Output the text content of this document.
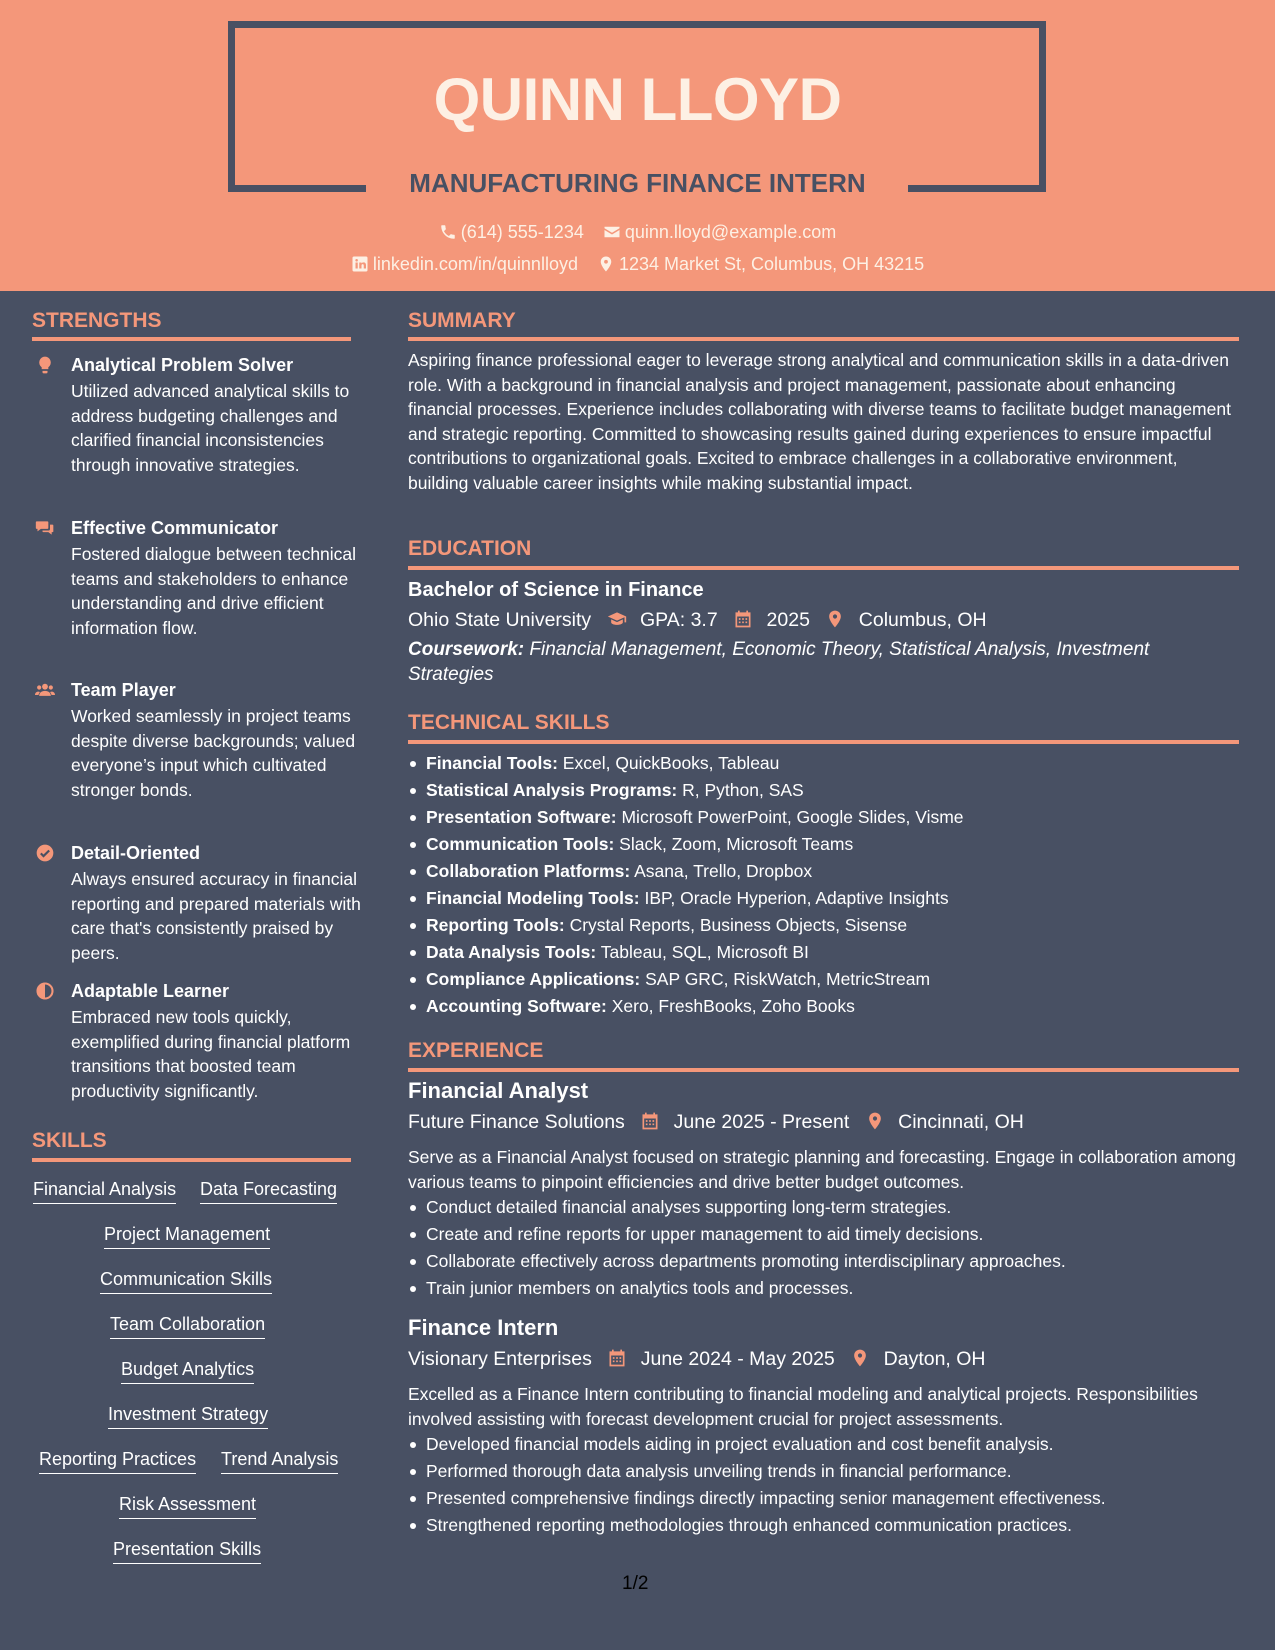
QUINN LLOYD
MANUFACTURING FINANCE INTERN
(614) 555-1234 quinn.lloyd@example.com
linkedin.com/in/quinnlloyd 1234 Market St, Columbus, OH 43215
STRENGTHS
Analytical Problem Solver
Utilized advanced analytical skills to address budgeting challenges and clarified financial inconsistencies through innovative strategies.
Effective Communicator
Fostered dialogue between technical teams and stakeholders to enhance understanding and drive efficient information flow.
Team Player
Worked seamlessly in project teams despite diverse backgrounds; valued everyone’s input which cultivated stronger bonds.
Detail-Oriented
Always ensured accuracy in financial reporting and prepared materials with care that's consistently praised by peers.
Adaptable Learner
Embraced new tools quickly, exemplified during financial platform transitions that boosted team productivity significantly.
SKILLS
Financial Analysis Data Forecasting
Project Management
Communication Skills
Team Collaboration
Budget Analytics
Investment Strategy
Reporting Practices Trend Analysis
Risk Assessment
Presentation Skills
SUMMARY
Aspiring finance professional eager to leverage strong analytical and communication skills in a data-driven role. With a background in financial analysis and project management, passionate about enhancing financial processes. Experience includes collaborating with diverse teams to facilitate budget management and strategic reporting. Committed to showcasing results gained during experiences to ensure impactful contributions to organizational goals. Excited to embrace challenges in a collaborative environment, building valuable career insights while making substantial impact.
EDUCATION
Bachelor of Science in Finance
Ohio State University	GPA: 3.7	2025	Columbus, OH
Coursework: Financial Management, Economic Theory, Statistical Analysis, Investment Strategies
TECHNICAL SKILLS
Financial Tools: Excel, QuickBooks, Tableau
Statistical Analysis Programs: R, Python, SAS
Presentation Software: Microsoft PowerPoint, Google Slides, Visme
Communication Tools: Slack, Zoom, Microsoft Teams
Collaboration Platforms: Asana, Trello, Dropbox
Financial Modeling Tools: IBP, Oracle Hyperion, Adaptive Insights
Reporting Tools: Crystal Reports, Business Objects, Sisense
Data Analysis Tools: Tableau, SQL, Microsoft BI
Compliance Applications: SAP GRC, RiskWatch, MetricStream
Accounting Software: Xero, FreshBooks, Zoho Books
EXPERIENCE
Financial Analyst
Future Finance Solutions	June 2025 - Present	Cincinnati, OH
Serve as a Financial Analyst focused on strategic planning and forecasting. Engage in collaboration among various teams to pinpoint efficiencies and drive better budget outcomes.
Conduct detailed financial analyses supporting long-term strategies.
Create and refine reports for upper management to aid timely decisions.
Collaborate effectively across departments promoting interdisciplinary approaches.
Train junior members on analytics tools and processes.
Finance Intern
Visionary Enterprises	June 2024 - May 2025	Dayton, OH
Excelled as a Finance Intern contributing to financial modeling and analytical projects. Responsibilities involved assisting with forecast development crucial for project assessments.
Developed financial models aiding in project evaluation and cost benefit analysis.
Performed thorough data analysis unveiling trends in financial performance.
Presented comprehensive findings directly impacting senior management effectiveness.
Strengthened reporting methodologies through enhanced communication practices.
1/2
